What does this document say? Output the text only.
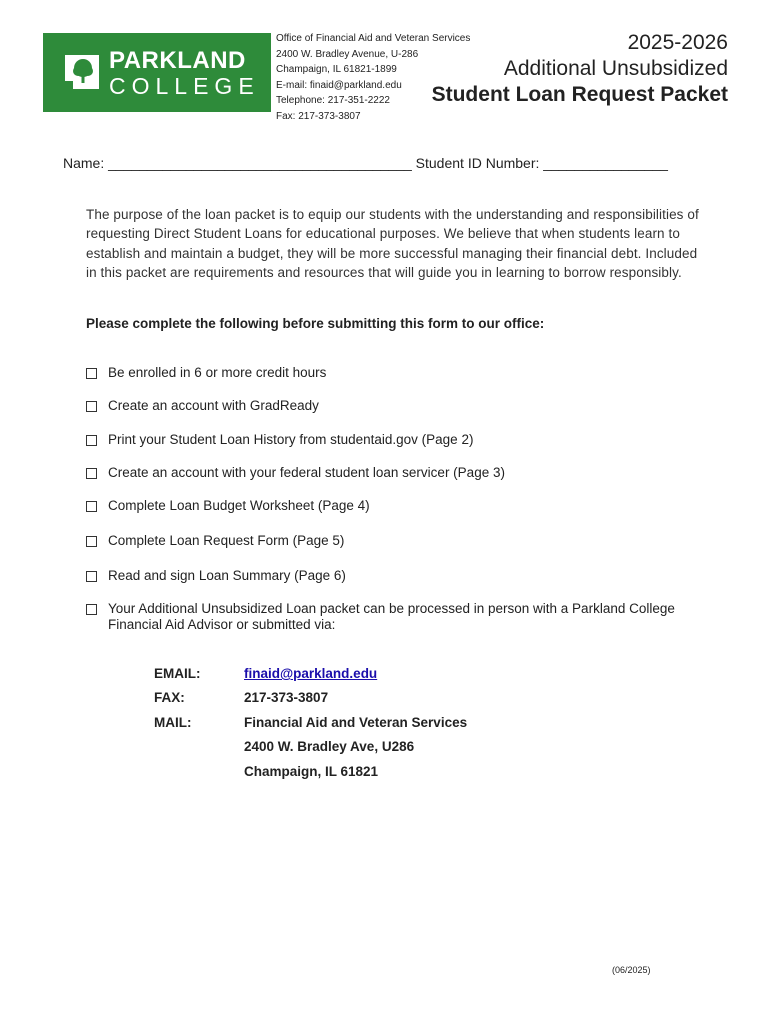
PARKLAND
COLLEGE
Office of Financial Aid and Veteran Services
2400 W. Bradley Avenue, U-286
Champaign, IL 61821-1899
E-mail: finaid@parkland.edu
Telephone: 217-351-2222
Fax: 217-373-3807
2025-2026
Additional Unsubsidized
Student Loan Request Packet
Name: _______________________________________ Student ID Number: ________________
The purpose of the loan packet is to equip our students with the understanding and responsibilities of requesting Direct Student Loans for educational purposes. We believe that when students learn to establish and maintain a budget, they will be more successful managing their financial debt. Included in this packet are requirements and resources that will guide you in learning to borrow responsibly.
Please complete the following before submitting this form to our office:
Be enrolled in 6 or more credit hours
Create an account with GradReady
Print your Student Loan History from studentaid.gov (Page 2)
Create an account with your federal student loan servicer (Page 3)
Complete Loan Budget Worksheet (Page 4)
Complete Loan Request Form (Page 5)
Read and sign Loan Summary (Page 6)
Your Additional Unsubsidized Loan packet can be processed in person with a Parkland College Financial Aid Advisor or submitted via:
EMAIL:	finaid@parkland.edu
FAX:	217-373-3807
MAIL:	Financial Aid and Veteran Services
2400 W. Bradley Ave, U286
Champaign, IL 61821
(06/2025)
